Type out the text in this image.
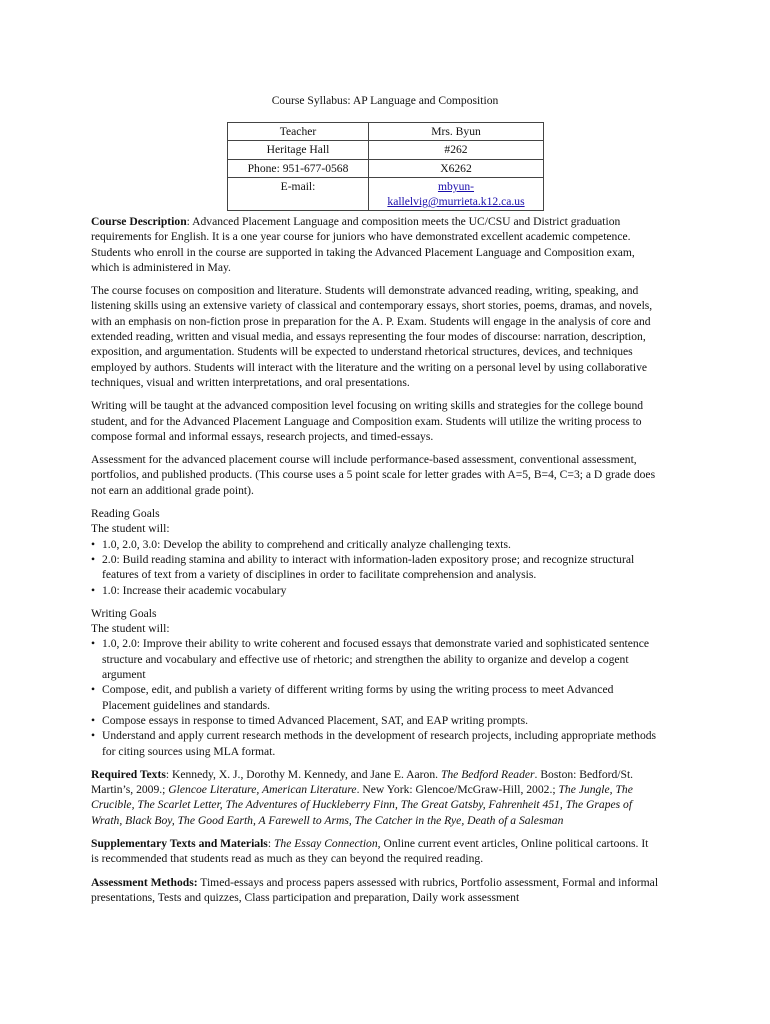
Course Syllabus: AP Language and Composition
Teacher	Mrs. Byun
Heritage Hall	#262
Phone: 951-677-0568	X6262
E-mail:	mbyun-
kallelvig@murrieta.k12.ca.us

Course Description: Advanced Placement Language and composition meets the UC/CSU and District graduation requirements for English. It is a one year course for juniors who have demonstrated excellent academic competence. Students who enroll in the course are supported in taking the Advanced Placement Language and Composition exam, which is administered in May.

The course focuses on composition and literature. Students will demonstrate advanced reading, writing, speaking, and listening skills using an extensive variety of classical and contemporary essays, short stories, poems, dramas, and novels, with an emphasis on non-fiction prose in preparation for the A. P. Exam. Students will engage in the analysis of core and extended reading, written and visual media, and essays representing the four modes of discourse: narration, description, exposition, and argumentation. Students will be expected to understand rhetorical structures, devices, and techniques employed by authors. Students will interact with the literature and the writing on a personal level by using collaborative techniques, visual and written interpretations, and oral presentations.

Writing will be taught at the advanced composition level focusing on writing skills and strategies for the college bound student, and for the Advanced Placement Language and Composition exam. Students will utilize the writing process to compose formal and informal essays, research projects, and timed-essays.

Assessment for the advanced placement course will include performance-based assessment, conventional assessment, portfolios, and published products. (This course uses a 5 point scale for letter grades with A=5, B=4, C=3; a D grade does not earn an additional grade point).

Reading Goals
The student will:
• 1.0, 2.0, 3.0: Develop the ability to comprehend and critically analyze challenging texts.
• 2.0: Build reading stamina and ability to interact with information-laden expository prose; and recognize structural features of text from a variety of disciplines in order to facilitate comprehension and analysis.
• 1.0: Increase their academic vocabulary
Writing Goals
The student will:
• 1.0, 2.0: Improve their ability to write coherent and focused essays that demonstrate varied and sophisticated sentence structure and vocabulary and effective use of rhetoric; and strengthen the ability to organize and develop a cogent argument
• Compose, edit, and publish a variety of different writing forms by using the writing process to meet Advanced Placement guidelines and standards.
• Compose essays in response to timed Advanced Placement, SAT, and EAP writing prompts.
• Understand and apply current research methods in the development of research projects, including appropriate methods for citing sources using MLA format.

Required Texts: Kennedy, X. J., Dorothy M. Kennedy, and Jane E. Aaron. The Bedford Reader. Boston: Bedford/St. Martin’s, 2009.; Glencoe Literature, American Literature. New York: Glencoe/McGraw-Hill, 2002.; The Jungle, The Crucible, The Scarlet Letter, The Adventures of Huckleberry Finn, The Great Gatsby, Fahrenheit 451, The Grapes of Wrath, Black Boy, The Good Earth, A Farewell to Arms, The Catcher in the Rye, Death of a Salesman

Supplementary Texts and Materials: The Essay Connection, Online current event articles, Online political cartoons. It is recommended that students read as much as they can beyond the required reading.

Assessment Methods: Timed-essays and process papers assessed with rubrics, Portfolio assessment, Formal and informal presentations, Tests and quizzes, Class participation and preparation, Daily work assessment
